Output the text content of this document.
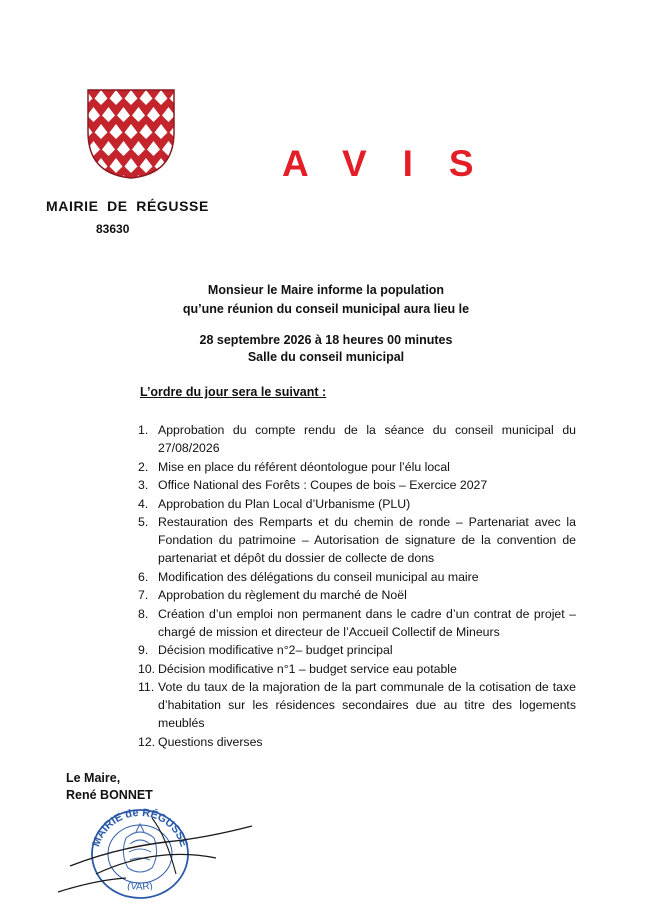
MAIRIE DE RÉGUSSE
83630
AVIS
Monsieur le Maire informe la population
qu’une réunion du conseil municipal aura lieu le
28 septembre 2026 à 18 heures 00 minutes
Salle du conseil municipal
L’ordre du jour sera le suivant :
1. Approbation du compte rendu de la séance du conseil municipal du 27/08/2026
2. Mise en place du référent déontologue pour l’élu local
3. Office National des Forêts : Coupes de bois – Exercice 2027
4. Approbation du Plan Local d’Urbanisme (PLU)
5. Restauration des Remparts et du chemin de ronde – Partenariat avec la Fondation du patrimoine – Autorisation de signature de la convention de partenariat et dépôt du dossier de collecte de dons
6. Modification des délégations du conseil municipal au maire
7. Approbation du règlement du marché de Noël
8. Création d’un emploi non permanent dans le cadre d’un contrat de projet – chargé de mission et directeur de l’Accueil Collectif de Mineurs
9. Décision modificative n°2– budget principal
10. Décision modificative n°1 – budget service eau potable
11. Vote du taux de la majoration de la part communale de la cotisation de taxe d’habitation sur les résidences secondaires due au titre des logements meublés
12. Questions diverses
Le Maire,
René BONNET
MAIRIE de RÉGUSSE
(VAR)
